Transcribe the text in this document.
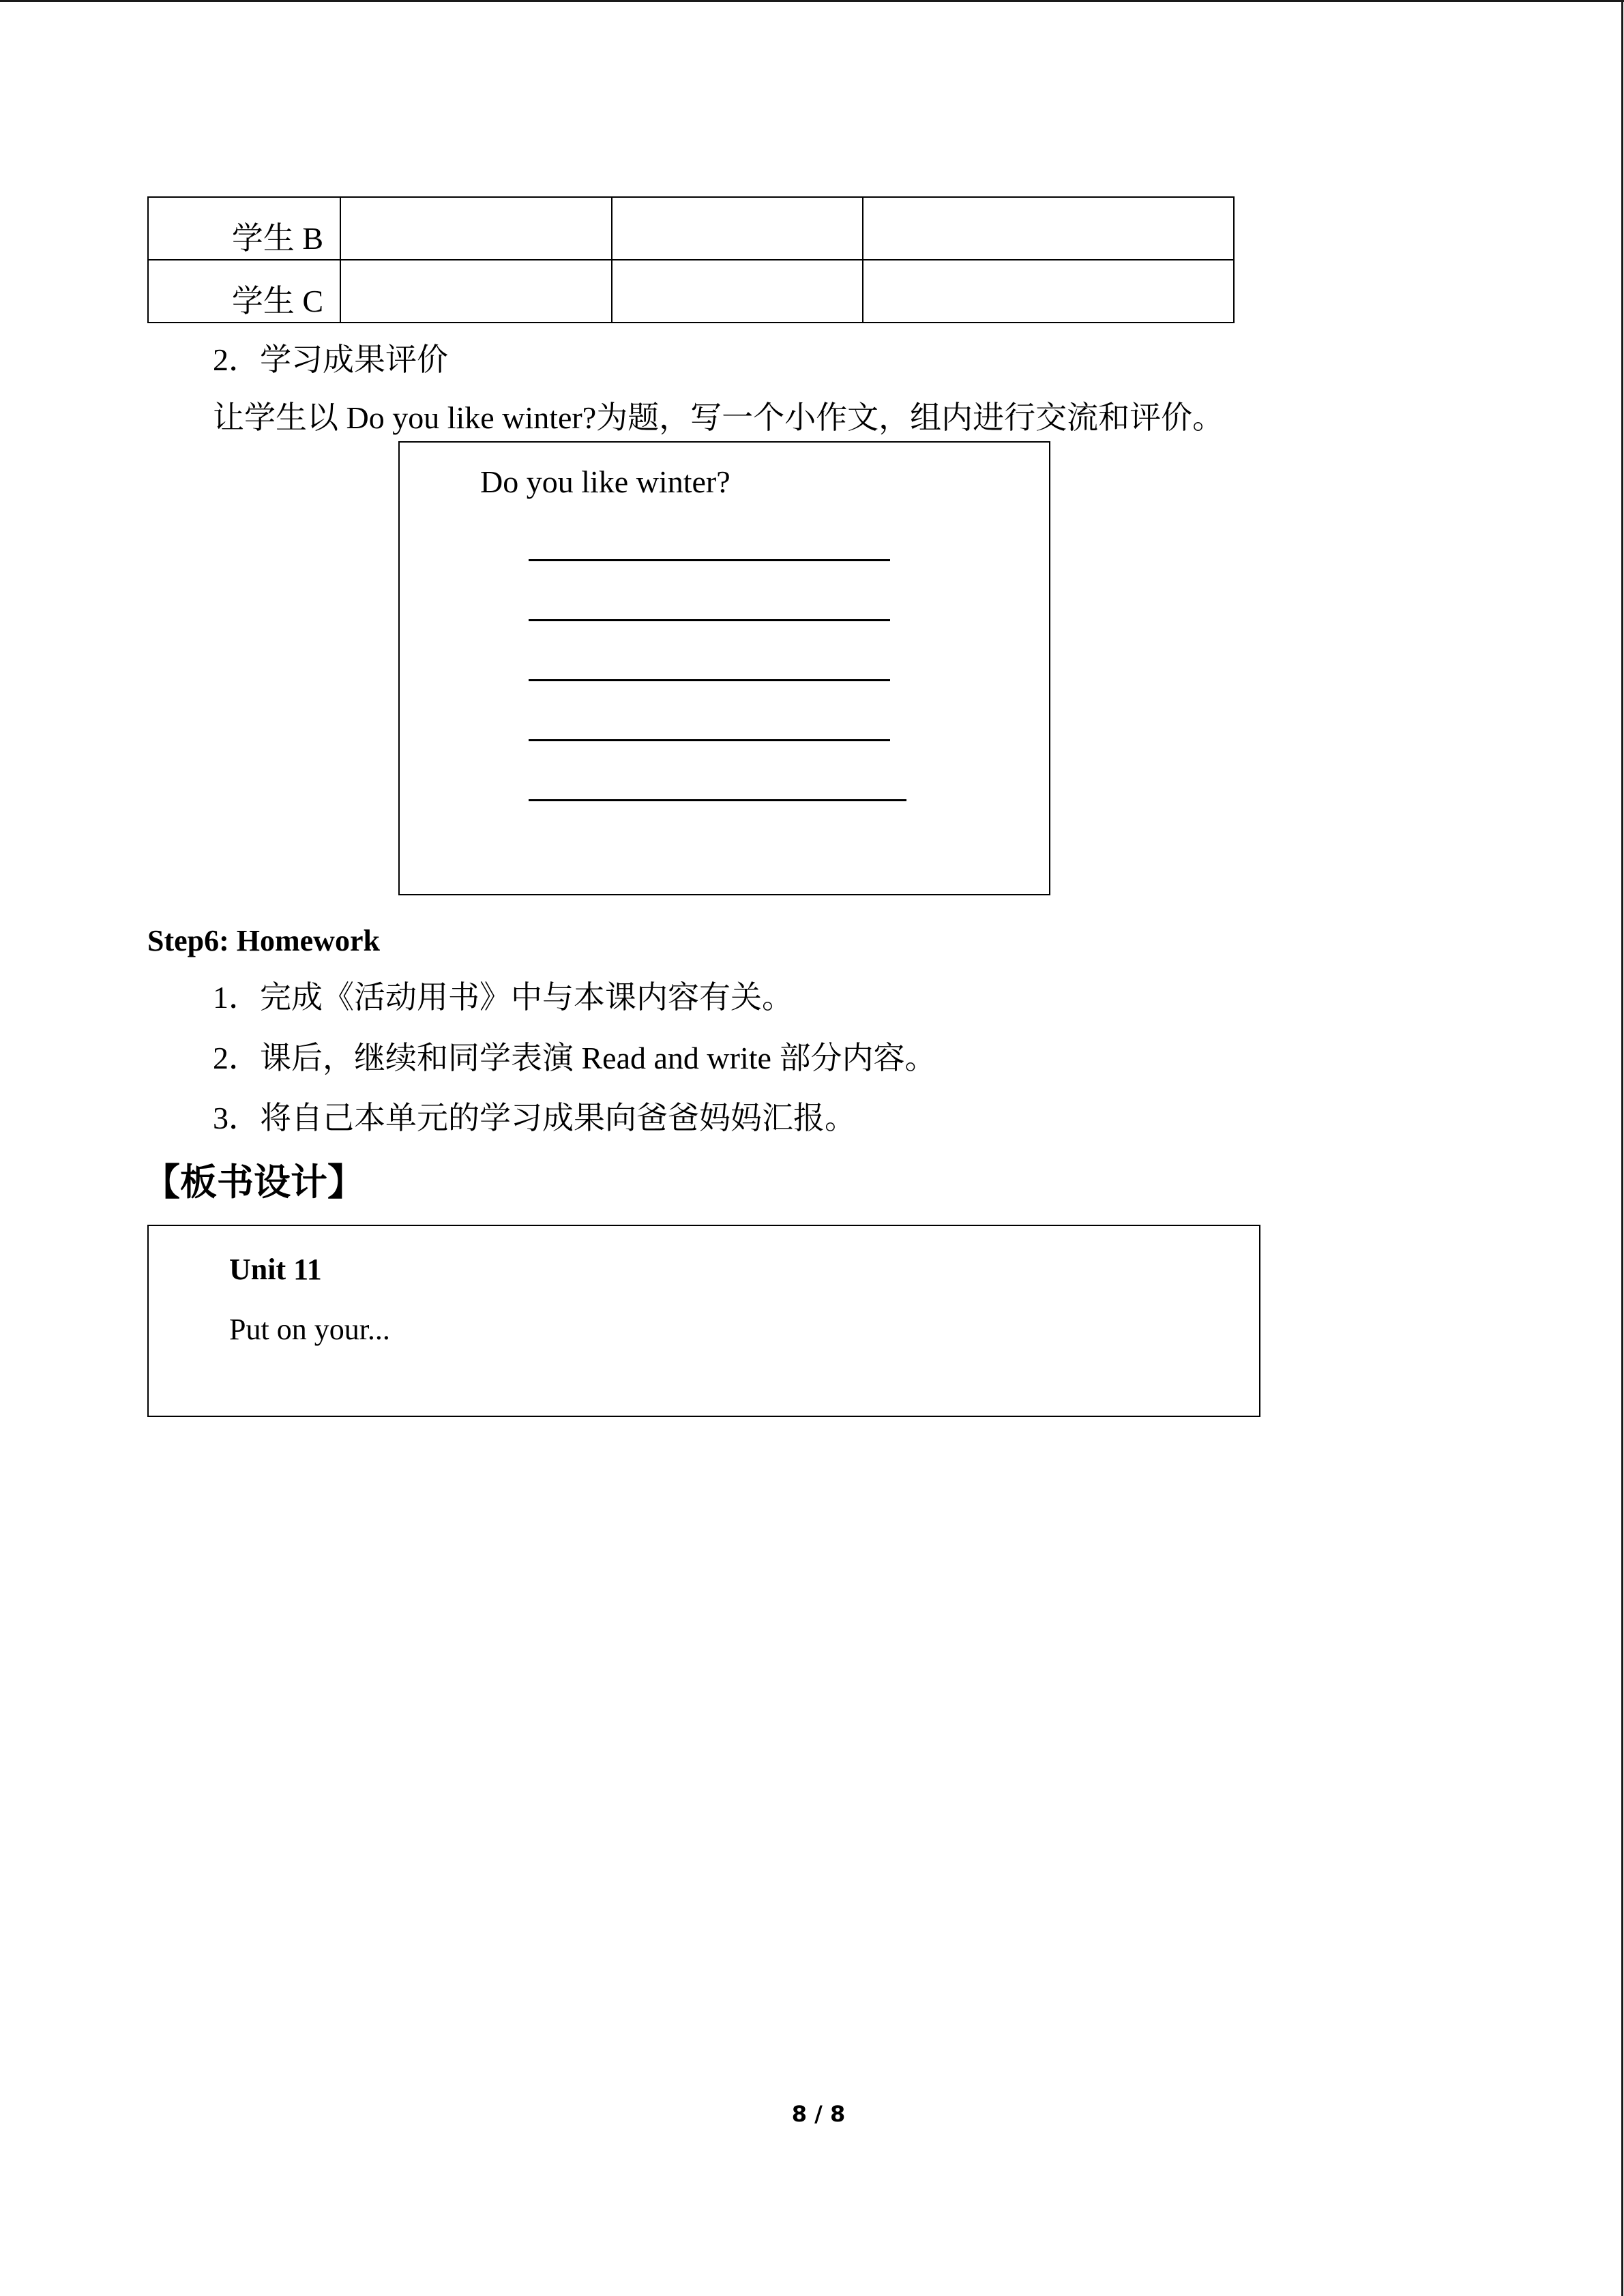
学生 B			
学生 C			
2．学习成果评价
让学生以 Do you like winter?为题，写一个小作文，组内进行交流和评价。
Do you like winter?
Step6: Homework
1．完成《活动用书》中与本课内容有关。
2．课后，继续和同学表演 Read and write 部分内容。
3．将自己本单元的学习成果向爸爸妈妈汇报。
【板书设计】
Unit 11
Put on your...
8 / 8
